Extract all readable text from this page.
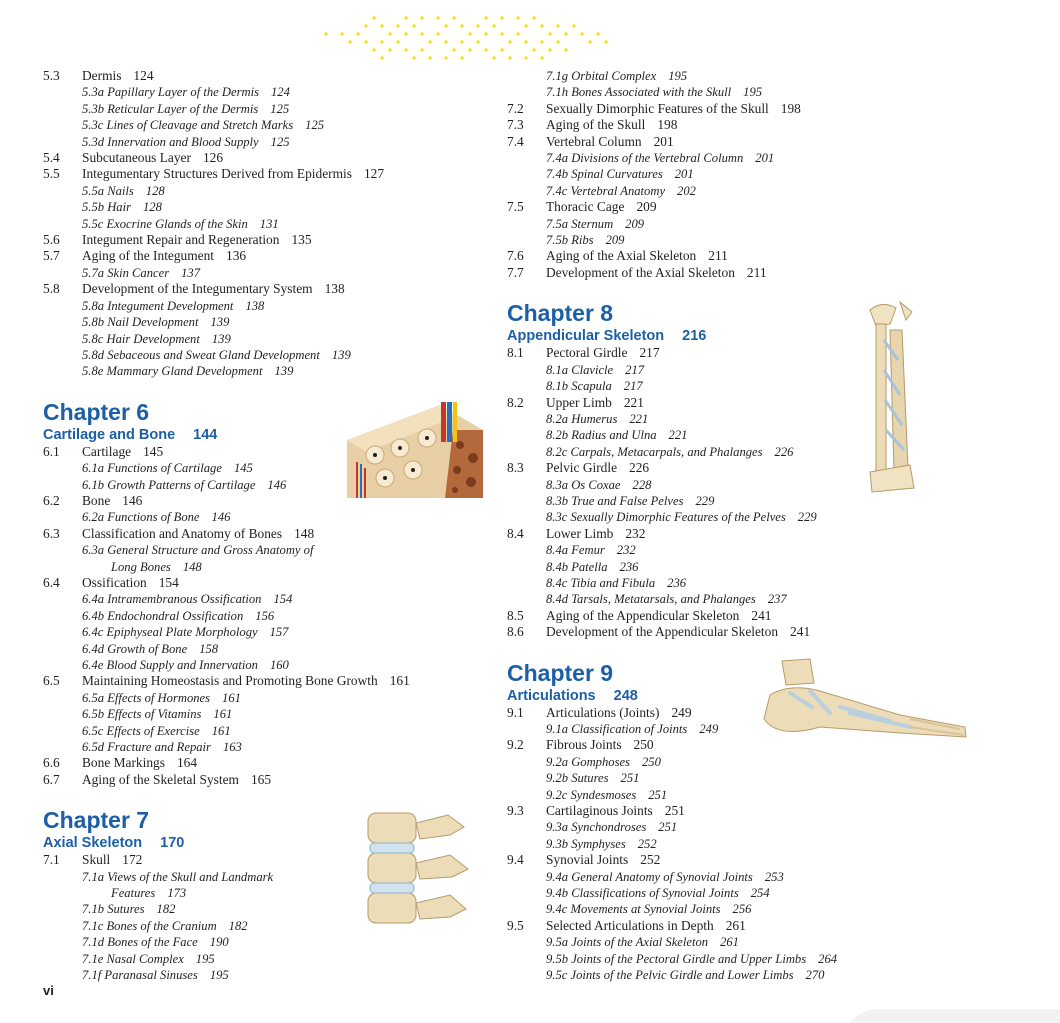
5.3 Dermis 124
5.3a Papillary Layer of the Dermis 124
5.3b Reticular Layer of the Dermis 125
5.3c Lines of Cleavage and Stretch Marks 125
5.3d Innervation and Blood Supply 125
5.4 Subcutaneous Layer 126
5.5 Integumentary Structures Derived from Epidermis 127
5.5a Nails 128
5.5b Hair 128
5.5c Exocrine Glands of the Skin 131
5.6 Integument Repair and Regeneration 135
5.7 Aging of the Integument 136
5.7a Skin Cancer 137
5.8 Development of the Integumentary System 138
5.8a Integument Development 138
5.8b Nail Development 139
5.8c Hair Development 139
5.8d Sebaceous and Sweat Gland Development 139
5.8e Mammary Gland Development 139
Chapter 6
Cartilage and Bone 144
6.1 Cartilage 145
6.1a Functions of Cartilage 145
6.1b Growth Patterns of Cartilage 146
6.2 Bone 146
6.2a Functions of Bone 146
6.3 Classification and Anatomy of Bones 148
6.3a General Structure and Gross Anatomy of
Long Bones 148
6.4 Ossification 154
6.4a Intramembranous Ossification 154
6.4b Endochondral Ossification 156
6.4c Epiphyseal Plate Morphology 157
6.4d Growth of Bone 158
6.4e Blood Supply and Innervation 160
6.5 Maintaining Homeostasis and Promoting Bone Growth 161
6.5a Effects of Hormones 161
6.5b Effects of Vitamins 161
6.5c Effects of Exercise 161
6.5d Fracture and Repair 163
6.6 Bone Markings 164
6.7 Aging of the Skeletal System 165
Chapter 7
Axial Skeleton 170
7.1 Skull 172
7.1a Views of the Skull and Landmark
Features 173
7.1b Sutures 182
7.1c Bones of the Cranium 182
7.1d Bones of the Face 190
7.1e Nasal Complex 195
7.1f Paranasal Sinuses 195
7.1g Orbital Complex 195
7.1h Bones Associated with the Skull 195
7.2 Sexually Dimorphic Features of the Skull 198
7.3 Aging of the Skull 198
7.4 Vertebral Column 201
7.4a Divisions of the Vertebral Column 201
7.4b Spinal Curvatures 201
7.4c Vertebral Anatomy 202
7.5 Thoracic Cage 209
7.5a Sternum 209
7.5b Ribs 209
7.6 Aging of the Axial Skeleton 211
7.7 Development of the Axial Skeleton 211
Chapter 8
Appendicular Skeleton 216
8.1 Pectoral Girdle 217
8.1a Clavicle 217
8.1b Scapula 217
8.2 Upper Limb 221
8.2a Humerus 221
8.2b Radius and Ulna 221
8.2c Carpals, Metacarpals, and Phalanges 226
8.3 Pelvic Girdle 226
8.3a Os Coxae 228
8.3b True and False Pelves 229
8.3c Sexually Dimorphic Features of the Pelves 229
8.4 Lower Limb 232
8.4a Femur 232
8.4b Patella 236
8.4c Tibia and Fibula 236
8.4d Tarsals, Metatarsals, and Phalanges 237
8.5 Aging of the Appendicular Skeleton 241
8.6 Development of the Appendicular Skeleton 241
Chapter 9
Articulations 248
9.1 Articulations (Joints) 249
9.1a Classification of Joints 249
9.2 Fibrous Joints 250
9.2a Gomphoses 250
9.2b Sutures 251
9.2c Syndesmoses 251
9.3 Cartilaginous Joints 251
9.3a Synchondroses 251
9.3b Symphyses 252
9.4 Synovial Joints 252
9.4a General Anatomy of Synovial Joints 253
9.4b Classifications of Synovial Joints 254
9.4c Movements at Synovial Joints 256
9.5 Selected Articulations in Depth 261
9.5a Joints of the Axial Skeleton 261
9.5b Joints of the Pectoral Girdle and Upper Limbs 264
9.5c Joints of the Pelvic Girdle and Lower Limbs 270
vi
